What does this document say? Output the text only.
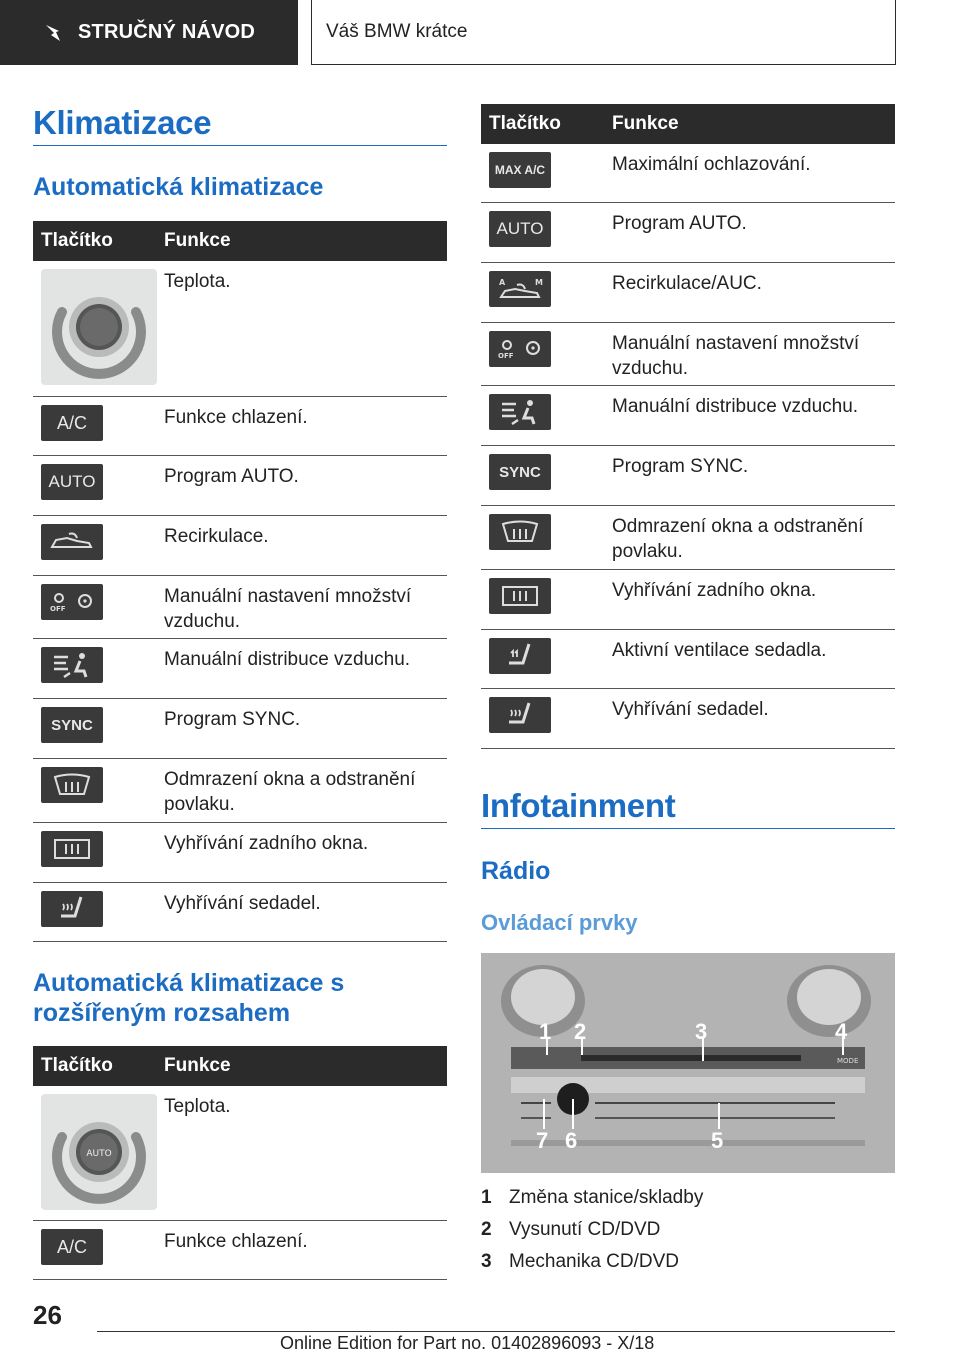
STRUČNÝ NÁVOD	Váš BMW krátce
Klimatizace
Automatická klimatizace
Tlačítko	Funkce
Teplota.
A/C	Funkce chlazení.
AUTO	Program AUTO.
Recirkulace.
OFF
Manuální nastavení množství vzduchu.
Manuální distribuce vzduchu.
SYNC	Program SYNC.
Odmrazení okna a odstranění povlaku.
Vyhřívání zadního okna.
Vyhřívání sedadel.
Automatická klimatizace s rozšířeným rozsahem
Tlačítko	Funkce
AUTO
Teplota.
A/C	Funkce chlazení.
Tlačítko	Funkce
MAX A/C	Maximální ochlazování.
AUTO	Program AUTO.
A	M	Recirkulace/AUC.
OFF
Manuální nastavení množství vzduchu.
Manuální distribuce vzduchu.
SYNC	Program SYNC.
Odmrazení okna a odstranění povlaku.
Vyhřívání zadního okna.
Aktivní ventilace sedadla.
Vyhřívání sedadel.
Infotainment
Rádio
Ovládací prvky
MODE
1 2	3	4
5
6
7
1 Změna stanice/skladby
2 Vysunutí CD/DVD
3 Mechanika CD/DVD
26
Online Edition for Part no. 01402896093 - X/18
